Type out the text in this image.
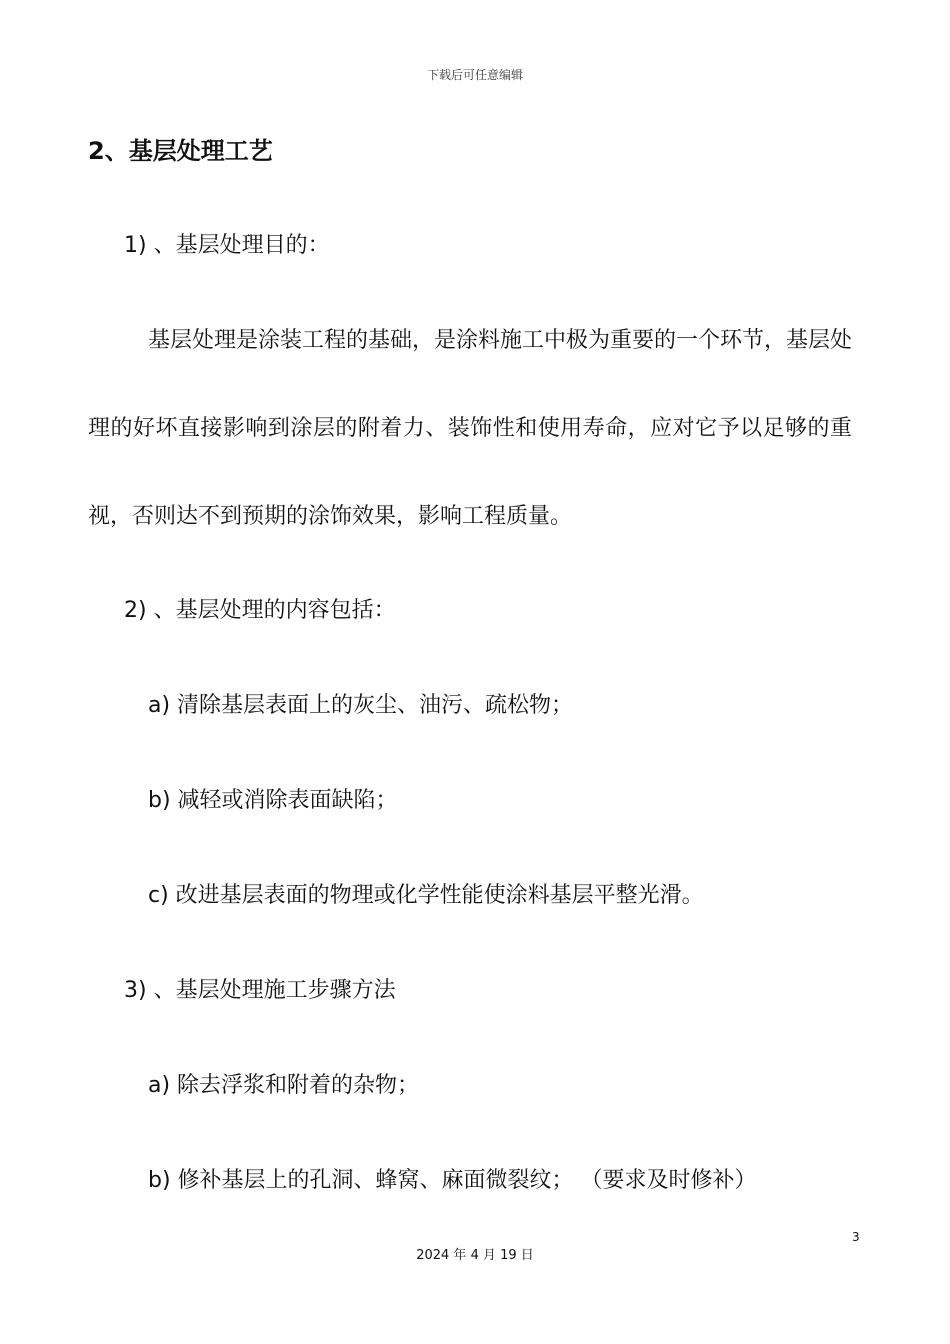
下载后可任意编辑
2、基层处理工艺
1) 、基层处理目的：
基层处理是涂装工程的基础，是涂料施工中极为重要的一个环节，基层处理的好坏直接影响到涂层的附着力、装饰性和使用寿命，应对它予以足够的重视，否则达不到预期的涂饰效果，影响工程质量。
2) 、基层处理的内容包括：
a) 清除基层表面上的灰尘、油污、疏松物；
b) 减轻或消除表面缺陷；
c) 改进基层表面的物理或化学性能使涂料基层平整光滑。
3) 、基层处理施工步骤方法
a) 除去浮浆和附着的杂物；
b) 修补基层上的孔洞、蜂窝、麻面微裂纹； （要求及时修补）
3
2024 年 4 月 19 日
